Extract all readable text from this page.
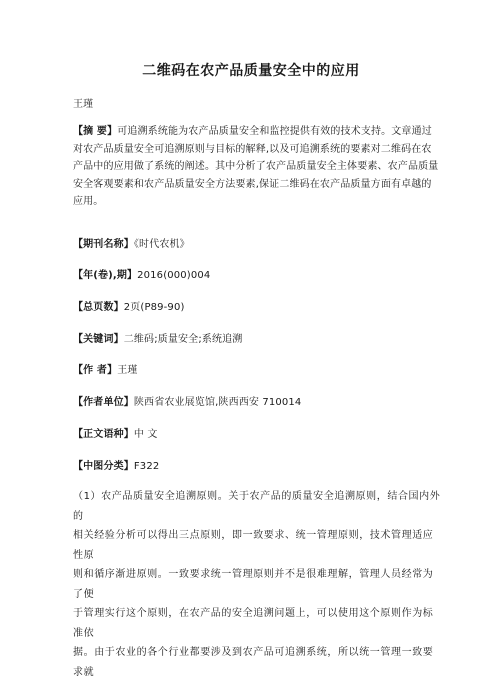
二维码在农产品质量安全中的应用
王瑾
【摘 要】可追溯系统能为农产品质量安全和监控提供有效的技术支持。文章通过
对农产品质量安全可追溯原则与目标的解释,以及可追溯系统的要素对二维码在农
产品中的应用做了系统的阐述。其中分析了农产品质量安全主体要素、农产品质量
安全客观要素和农产品质量安全方法要素,保证二维码在农产品质量方面有卓越的
应用。
【期刊名称】《时代农机》
【年(卷),期】2016(000)004
【总页数】2页(P89-90)
【关键词】二维码;质量安全;系统追溯
【作 者】王瑾
【作者单位】陕西省农业展览馆,陕西西安 710014
【正文语种】中 文
【中图分类】F322
（1）农产品质量安全追溯原则。关于农产品的质量安全追溯原则，结合国内外的
相关经验分析可以得出三点原则，即一致要求、统一管理原则，技术管理适应性原
则和循序渐进原则。一致要求统一管理原则并不是很难理解，管理人员经常为了便
于管理实行这个原则，在农产品的安全追溯问题上，可以使用这个原则作为标准依
据。由于农业的各个行业都要涉及到农产品可追溯系统，所以统一管理一致要求就
